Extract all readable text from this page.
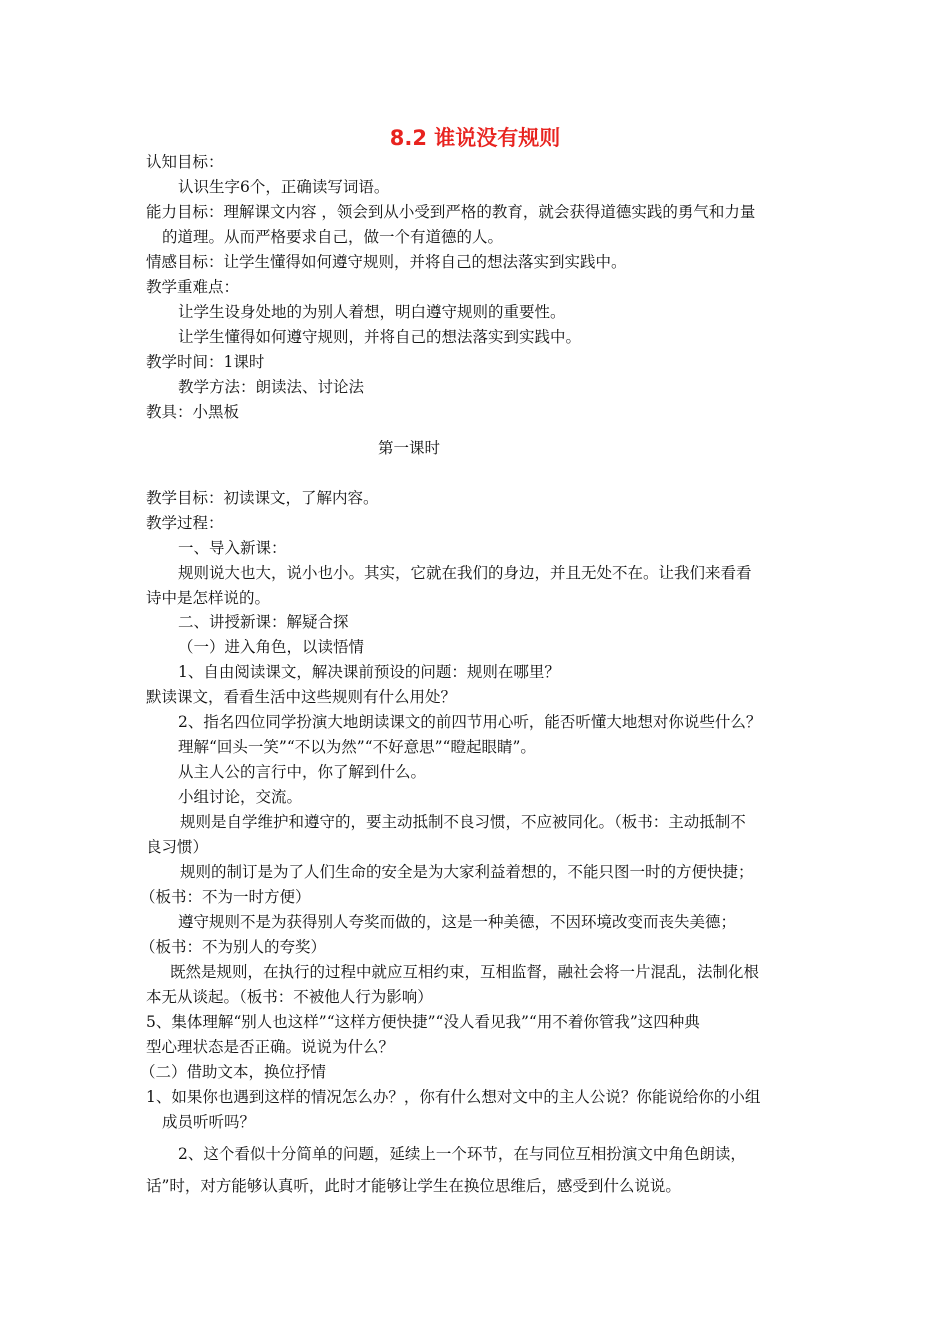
8.2 谁说没有规则
认知目标：
认识生字6个，正确读写词语。
能力目标：理解课文内容 ，领会到从小受到严格的教育，就会获得道德实践的勇气和力量
的道理。从而严格要求自己，做一个有道德的人。
情感目标：让学生懂得如何遵守规则，并将自己的想法落实到实践中。
教学重难点：
让学生设身处地的为别人着想，明白遵守规则的重要性。
让学生懂得如何遵守规则，并将自己的想法落实到实践中。
教学时间：1课时
教学方法：朗读法、讨论法
教具：小黑板
第一课时
教学目标：初读课文，了解内容。
教学过程：
一、导入新课：
规则说大也大，说小也小。其实，它就在我们的身边，并且无处不在。让我们来看看
诗中是怎样说的。
二、讲授新课：解疑合探
（一）进入角色，以读悟情
1、自由阅读课文，解决课前预设的问题：规则在哪里？
默读课文，看看生活中这些规则有什么用处？
2、指名四位同学扮演大地朗读课文的前四节用心听，能否听懂大地想对你说些什么？
理解“回头一笑”“不以为然”“不好意思”“瞪起眼睛”。
从主人公的言行中，你了解到什么。
小组讨论，交流。
规则是自学维护和遵守的，要主动抵制不良习惯，不应被同化。（板书：主动抵制不
良习惯）
规则的制订是为了人们生命的安全是为大家利益着想的，不能只图一时的方便快捷；
（板书：不为一时方便）
遵守规则不是为获得别人夸奖而做的，这是一种美德，不因环境改变而丧失美德；
（板书：不为别人的夸奖）
既然是规则，在执行的过程中就应互相约束，互相监督，融社会将一片混乱，法制化根
本无从谈起。（板书：不被他人行为影响）
5、集体理解“别人也这样”“这样方便快捷”“没人看见我”“用不着你管我”这四种典
型心理状态是否正确。说说为什么？
（二）借助文本，换位抒情
1、如果你也遇到这样的情况怎么办？，你有什么想对文中的主人公说？你能说给你的小组
成员听听吗？
2、这个看似十分简单的问题，延续上一个环节，在与同位互相扮演文中角色朗读，
话”时，对方能够认真听，此时才能够让学生在换位思维后，感受到什么说说。
